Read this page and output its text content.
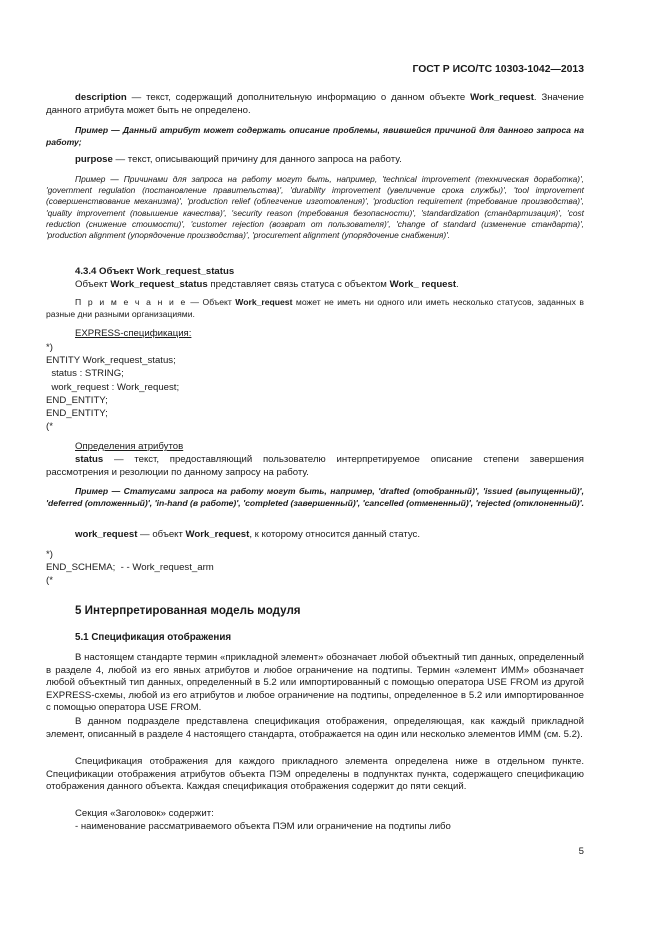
ГОСТ Р ИСО/ТС 10303-1042—2013
description — текст, содержащий дополнительную информацию о данном объекте Work_request. Значение данного атрибута может быть не определено.
Пример — Данный атрибут может содержать описание проблемы, явившейся причиной для данного запроса на работу;
purpose — текст, описывающий причину для данного запроса на работу.
Пример — Причинами для запроса на работу могут быть, например, 'technical improvement (техническая доработка)', 'government regulation (постановление правительства)', 'durability improvement (увеличение срока службы)', 'tool improvement (совершенствование механизма)', 'production relief (облегчение изготовления)', 'production requirement (требование производства)', 'quality improvement (повышение качества)', 'security reason (требования безопасности)', 'standardization (стандартизация)', 'cost reduction (снижение стоимости)', 'customer rejection (возврат от пользователя)', 'change of standard (изменение стандарта)', 'production alignment (упорядочение производства)', 'procurement alignment (упорядочение снабжения)'.
4.3.4 Объект Work_request_status
Объект Work_request_status представляет связь статуса с объектом Work_ request.
П р и м е ч а н и е — Объект Work_request может не иметь ни одного или иметь несколько статусов, заданных в разные дни разными организациями.
EXPRESS-спецификация:
*)
ENTITY Work_request_status;
status : STRING;
work_request : Work_request;
END_ENTITY;
END_ENTITY;
(*
Определения атрибутов
status — текст, предоставляющий пользователю интерпретируемое описание степени завершения рассмотрения и резолюции по данному запросу на работу.
Пример — Статусами запроса на работу могут быть, например, 'drafted (отобранный)', 'issued (выпущенный)', 'deferred (отложенный)', 'in-hand (в работе)', 'completed (завершенный)', 'cancelled (отмененный)', 'rejected (отклоненный)'.
work_request — объект Work_request, к которому относится данный статус.
*)
END_SCHEMA;  - - Work_request_arm
(*
5 Интерпретированная модель модуля
5.1 Спецификация отображения
В настоящем стандарте термин «прикладной элемент» обозначает любой объектный тип данных, определенный в разделе 4, любой из его явных атрибутов и любое ограничение на подтипы. Термин «элемент ИММ» обозначает любой объектный тип данных, определенный в 5.2 или импортированный с помощью оператора USE FROM из другой EXPRESS-схемы, любой из его атрибутов и любое ограничение на подтипы, определенное в 5.2 или импортированное с помощью оператора USE FROM.
В данном подразделе представлена спецификация отображения, определяющая, как каждый прикладной элемент, описанный в разделе 4 настоящего стандарта, отображается на один или несколько элементов ИММ (см. 5.2).
Спецификация отображения для каждого прикладного элемента определена ниже в отдельном пункте. Спецификации отображения атрибутов объекта ПЭМ определены в подпунктах пункта, содержащего спецификацию отображения данного объекта. Каждая спецификация отображения содержит до пяти секций.
Секция «Заголовок» содержит:
- наименование рассматриваемого объекта ПЭМ или ограничение на подтипы либо
5
